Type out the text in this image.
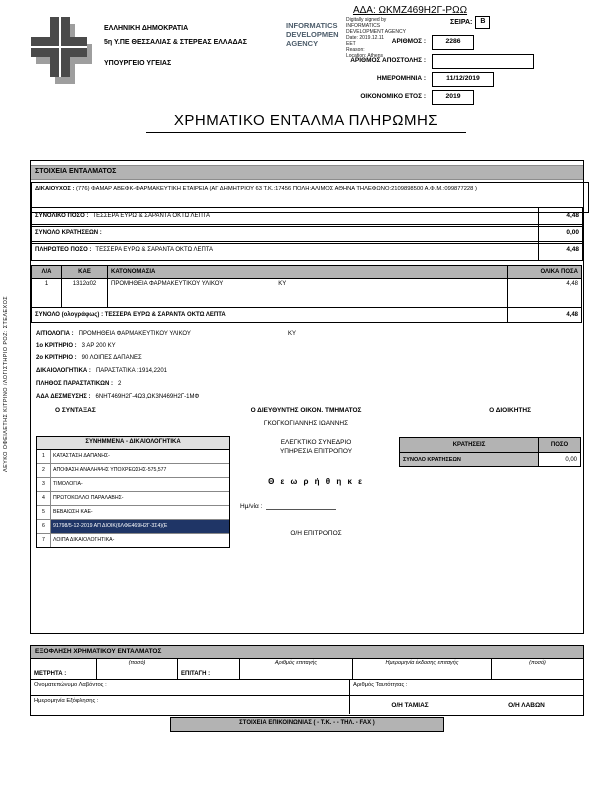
ΑΔΑ: ΩΚΜΖ469Η2Γ-ΡΩΩ
ΕΛΛΗΝΙΚΗ ΔΗΜΟΚΡΑΤΙΑ
5η Υ.ΠΕ ΘΕΣΣΑΛΙΑΣ & ΣΤΕΡΕΑΣ ΕΛΛΑΔΑΣ
ΥΠΟΥΡΓΕΙΟ ΥΓΕΙΑΣ
INFORMATICS
DEVELOPMEN
AGENCY
Digitally signed by
INFORMATICS
DEVELOPMENT AGENCY
Date: 2019.12.11
EET
Reason:
Location: Athens
ΣΕΙΡΑ:	B
ΑΡΙΘΜΟΣ :	2286
ΑΡΙΘΜΟΣ ΑΠΟΣΤΟΛΗΣ :
ΗΜΕΡΟΜΗΝΙΑ :	11/12/2019
ΟΙΚΟΝΟΜΙΚΟ ΕΤΟΣ :	2019
ΧΡΗΜΑΤΙΚΟ ΕΝΤΑΛΜΑ ΠΛΗΡΩΜΗΣ
ΛΕΥΚΟ ΟΦΕΙΛΕΤΗΣ ΚΙΤΡΙΝΟ /ΛΟΓΙΣΤΗΡΙΟ ΡΟΖ: ΣΤΕΛΕΧΟΣ
ΣΤΟΙΧΕΙΑ ΕΝΤΑΛΜΑΤΟΣ
ΔΙΚΑΙΟΥΧΟΣ : (776) ΦΑΜΑΡ ΑΒΕΦΚ-ΦΑΡΜΑΚΕΥΤΙΚΗ ΕΤΑΙΡΕΙΑ (ΑΓ ΔΗΜΗΤΡΙΟΥ 63 Τ.Κ.:17456 ΠΟΛΗ:ΑΛΙΜΟΣ ΑΘΗΝΑ ΤΗΛΕΦΩΝΟ:2109898500 Α.Φ.Μ.:099877228 )
ΣΥΝΟΛΙΚΟ ΠΟΣΟ : ΤΕΣΣΕΡΑ ΕΥΡΩ & ΣΑΡΑΝΤΑ ΟΚΤΩ ΛΕΠΤΑ	4,48
ΣΥΝΟΛΟ ΚΡΑΤΗΣΕΩΝ :	0,00
ΠΛΗΡΩΤΕΟ ΠΟΣΟ : ΤΕΣΣΕΡΑ ΕΥΡΩ & ΣΑΡΑΝΤΑ ΟΚΤΩ ΛΕΠΤΑ	4,48
Λ/Α	ΚΑΕ	ΚΑΤΟΝΟΜΑΣΙΑ	ΟΛΙΚΑ ΠΟΣΑ
1	1312α02	ΠΡΟΜΗΘΕΙΑ ΦΑΡΜΑΚΕΥΤΙΚΟΥ ΥΛΙΚΟΥ ΚΥ	4,48
ΣΥΝΟΛΟ (ολογράφως) : ΤΕΣΣΕΡΑ ΕΥΡΩ & ΣΑΡΑΝΤΑ ΟΚΤΩ ΛΕΠΤΑ			4,48
ΑΙΤΙΟΛΟΓΙΑ : ΠΡΟΜΗΘΕΙΑ ΦΑΡΜΑΚΕΥΤΙΚΟΥ ΥΛΙΚΟΥ	ΚΥ
1ο ΚΡΙΤΗΡΙΟ : 3 ΑΡ 200 ΚΥ
2ο ΚΡΙΤΗΡΙΟ : 90 ΛΟΙΠΕΣ ΔΑΠΑΝΕΣ
ΔΙΚΑΙΟΛΟΓΗΤΙΚΑ : ΠΑΡΑΣΤΑΤΙΚΑ :1914,2201
ΠΛΗΘΟΣ ΠΑΡΑΣΤΑΤΙΚΩΝ : 2
ΑΔΑ ΔΕΣΜΕΥΣΗΣ : 6ΝΗΤ469Η2Γ-4Ω3,ΩΚ3Ν469Η2Γ-1ΜΦ
Ο ΣΥΝΤΑΞΑΣ	Ο ΔΙΕΥΘΥΝΤΗΣ ΟΙΚΟΝ. ΤΜΗΜΑΤΟΣ	Ο ΔΙΟΙΚΗΤΗΣ
ΓΚΟΓΚΟΓΙΑΝΝΗΣ ΙΩΑΝΝΗΣ
ΣΥΝΗΜΜΕΝΑ - ΔΙΚΑΙΟΛΟΓΗΤΙΚΑ
1	ΚΑΤΑΣΤΑΣΗ ΔΑΠΑΝΗΣ-
2	ΑΠΟΦΑΣΗ ΑΝΑΛΗΨΗΣ ΥΠΟΧΡΕΩΣΗΣ-575,577
3	ΤΙΜΟΛΟΓΙΑ-
4	ΠΡΩΤΟΚΟΛΛΟ ΠΑΡΑΛΑΒΗΣ-
5	ΒΕΒΑΙΩΣΗ ΚΑΕ-
6	91798/5-12-2019 ΑΠ ΔΙΟΙΚ(6ΛΦΕ469Η2Γ-3Σ4)(Ε
7	ΛΟΙΠΑ ΔΙΚΑΙΟΛΟΓΗΤΙΚΑ-
ΕΛΕΓΚΤΙΚΟ ΣΥΝΕΔΡΙΟ
ΥΠΗΡΕΣΙΑ ΕΠΙΤΡΟΠΟΥ
Θ ε ω ρ ή θ η κ ε
Ημ/νία :
Ο/Η ΕΠΙΤΡΟΠΟΣ
ΚΡΑΤΗΣΕΙΣ	ΠΟΣΟ
ΣΥΝΟΛΟ ΚΡΑΤΗΣΕΩΝ	0,00
ΕΞΟΦΛΗΣΗ ΧΡΗΜΑΤΙΚΟΥ ΕΝΤΑΛΜΑΤΟΣ
ΜΕΤΡΗΤΑ :
(ποσό)
ΕΠΙΤΑΓΗ :
Αριθμός επιταγής	Ημερομηνία έκδοσης επιταγής	(ποσό)
Ονοματεπώνυμο Λαβόντος :	Αριθμός Ταυτότητας :
Ημερομηνία Εξόφλησης :
Ο/Η ΤΑΜΙΑΣ	Ο/Η ΛΑΒΩΝ
ΣΤΟΙΧΕΙΑ ΕΠΙΚΟΙΝΩΝΙΑΣ ( - Τ.Κ. - - ΤΗΛ. - FAX )
